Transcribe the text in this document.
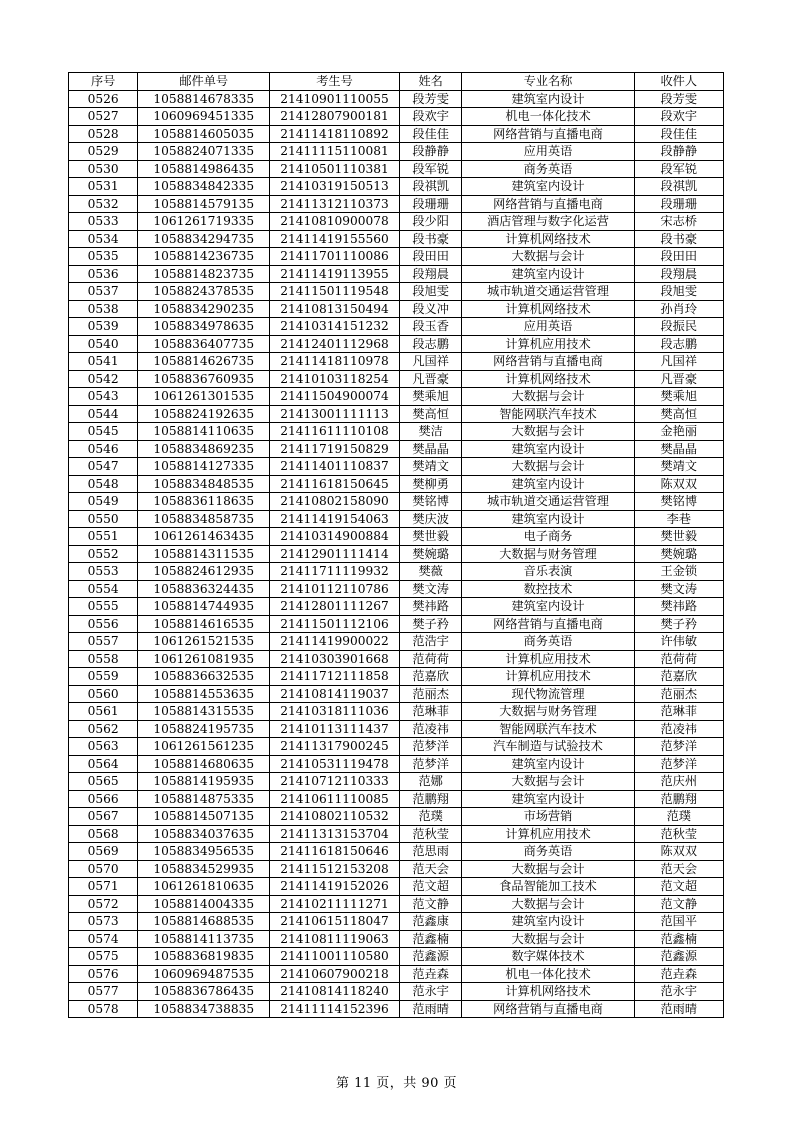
序号	邮件单号	考生号	姓名	专业名称	收件人
0526	1058814678335	21410901110055	段芳雯	建筑室内设计	段芳雯
0527	1060969451335	21412807900181	段欢宇	机电一体化技术	段欢宇
0528	1058814605035	21411418110892	段佳佳	网络营销与直播电商	段佳佳
0529	1058824071335	21411115110081	段静静	应用英语	段静静
0530	1058814986435	21410501110381	段军锐	商务英语	段军锐
0531	1058834842335	21410319150513	段祺凯	建筑室内设计	段祺凯
0532	1058814579135	21411312110373	段珊珊	网络营销与直播电商	段珊珊
0533	1061261719335	21410810900078	段少阳	酒店管理与数字化运营	宋志桥
0534	1058834294735	21411419155560	段书豪	计算机网络技术	段书豪
0535	1058814236735	21411701110086	段田田	大数据与会计	段田田
0536	1058814823735	21411419113955	段翔晨	建筑室内设计	段翔晨
0537	1058824378535	21411501119548	段旭雯	城市轨道交通运营管理	段旭雯
0538	1058834290235	21410813150494	段义冲	计算机网络技术	孙肖玲
0539	1058834978635	21410314151232	段玉香	应用英语	段振民
0540	1058836407735	21412401112968	段志鹏	计算机应用技术	段志鹏
0541	1058814626735	21411418110978	凡国祥	网络营销与直播电商	凡国祥
0542	1058836760935	21410103118254	凡晋豪	计算机网络技术	凡晋豪
0543	1061261301535	21411504900074	樊乘旭	大数据与会计	樊乘旭
0544	1058824192635	21413001111113	樊高恒	智能网联汽车技术	樊高恒
0545	1058814110635	21411611110108	樊洁	大数据与会计	金艳丽
0546	1058834869235	21411719150829	樊晶晶	建筑室内设计	樊晶晶
0547	1058814127335	21411401110837	樊靖文	大数据与会计	樊靖文
0548	1058834848535	21411618150645	樊柳勇	建筑室内设计	陈双双
0549	1058836118635	21410802158090	樊铭博	城市轨道交通运营管理	樊铭博
0550	1058834858735	21411419154063	樊庆波	建筑室内设计	李巷
0551	1061261463435	21410314900884	樊世毅	电子商务	樊世毅
0552	1058814311535	21412901111414	樊婉璐	大数据与财务管理	樊婉璐
0553	1058824612935	21411711119932	樊薇	音乐表演	王金锁
0554	1058836324435	21410112110786	樊文涛	数控技术	樊文涛
0555	1058814744935	21412801111267	樊祎路	建筑室内设计	樊祎路
0556	1058814616535	21411501112106	樊子矜	网络营销与直播电商	樊子矜
0557	1061261521535	21411419900022	范浩宇	商务英语	许伟敏
0558	1061261081935	21410303901668	范荷荷	计算机应用技术	范荷荷
0559	1058836632535	21411712111858	范嘉欣	计算机应用技术	范嘉欣
0560	1058814553635	21410814119037	范丽杰	现代物流管理	范丽杰
0561	1058814315535	21410318111036	范琳菲	大数据与财务管理	范琳菲
0562	1058824195735	21410113111437	范凌祎	智能网联汽车技术	范凌祎
0563	1061261561235	21411317900245	范梦洋	汽车制造与试验技术	范梦洋
0564	1058814680635	21410531119478	范梦洋	建筑室内设计	范梦洋
0565	1058814195935	21410712110333	范娜	大数据与会计	范庆州
0566	1058814875335	21410611110085	范鹏翔	建筑室内设计	范鹏翔
0567	1058814507135	21410802110532	范璞	市场营销	范璞
0568	1058834037635	21411313153704	范秋莹	计算机应用技术	范秋莹
0569	1058834956535	21411618150646	范思雨	商务英语	陈双双
0570	1058834529935	21411512153208	范天会	大数据与会计	范天会
0571	1061261810635	21411419152026	范文超	食品智能加工技术	范文超
0572	1058814004335	21410211111271	范文静	大数据与会计	范文静
0573	1058814688535	21410615118047	范鑫康	建筑室内设计	范国平
0574	1058814113735	21410811119063	范鑫楠	大数据与会计	范鑫楠
0575	1058836819835	21411001110580	范鑫源	数字媒体技术	范鑫源
0576	1060969487535	21410607900218	范垚森	机电一体化技术	范垚森
0577	1058836786435	21410814118240	范永宇	计算机网络技术	范永宇
0578	1058834738835	21411114152396	范雨晴	网络营销与直播电商	范雨晴
第 11 页，共 90 页
